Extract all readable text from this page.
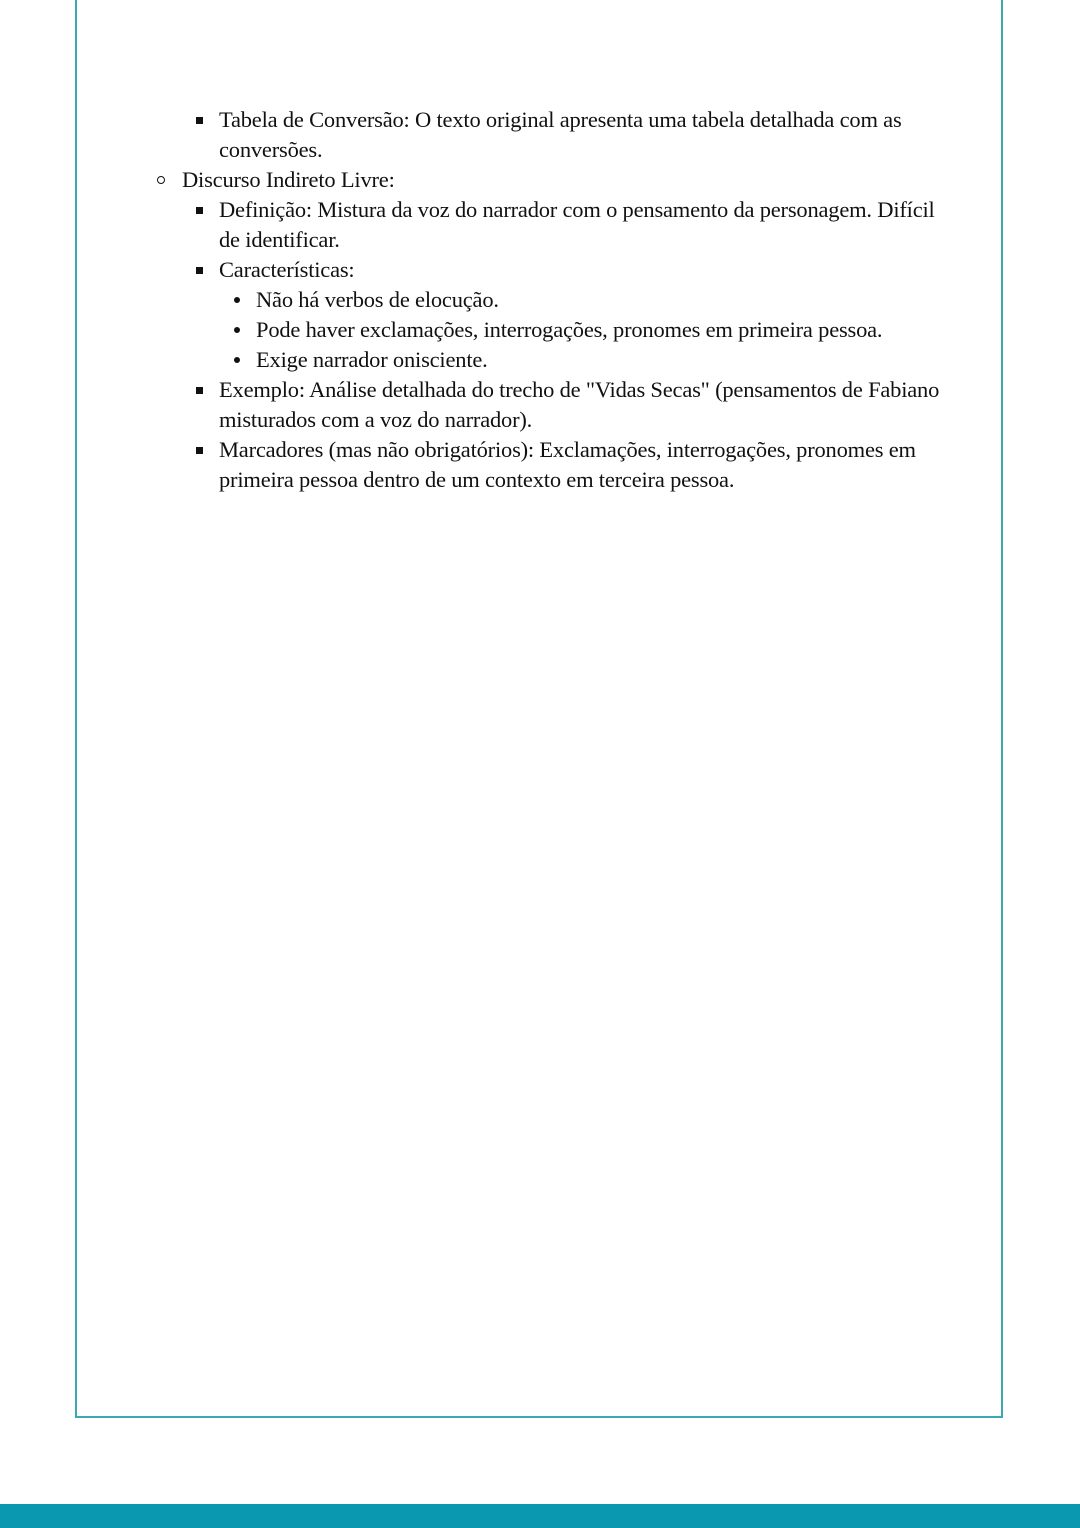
Tabela de Conversão: O texto original apresenta uma tabela detalhada com as
conversões.
Discurso Indireto Livre:
Definição: Mistura da voz do narrador com o pensamento da personagem. Difícil
de identificar.
Características:
Não há verbos de elocução.
Pode haver exclamações, interrogações, pronomes em primeira pessoa.
Exige narrador onisciente.
Exemplo: Análise detalhada do trecho de "Vidas Secas" (pensamentos de Fabiano
misturados com a voz do narrador).
Marcadores (mas não obrigatórios): Exclamações, interrogações, pronomes em
primeira pessoa dentro de um contexto em terceira pessoa.
